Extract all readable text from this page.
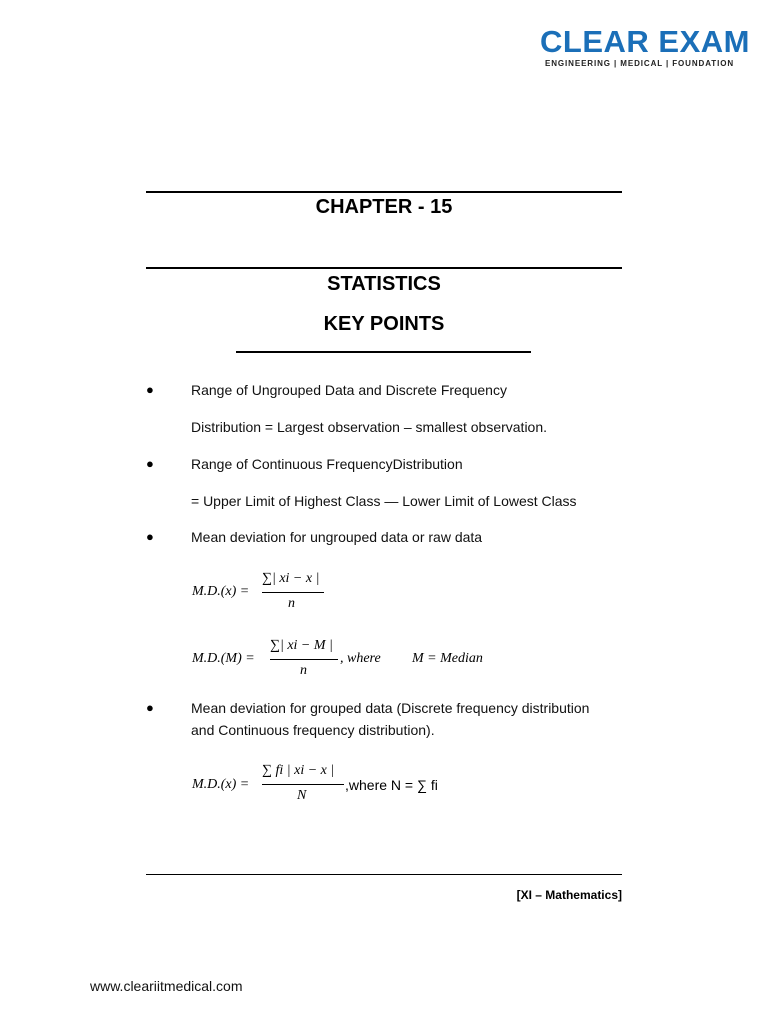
CLEAR EXAM
ENGINEERING | MEDICAL | FOUNDATION
CHAPTER - 15
STATISTICS
KEY POINTS
●	Range of Ungrouped Data and Discrete Frequency
Distribution = Largest observation – smallest observation.
●	Range of Continuous FrequencyDistribution
= Upper Limit of Highest Class — Lower Limit of Lowest Class
●	Mean deviation for ungrouped data or raw data
M.D.(x) =
∑| xi − x |
n
M.D.(M) =
∑| xi − M |
n
, where M = Median
●	Mean deviation for grouped data (Discrete frequency distribution
and Continuous frequency distribution).
M.D.(x) =
∑ fi | xi − x |
N
,where N = ∑ fi
[XI – Mathematics]
www.cleariitmedical.com
